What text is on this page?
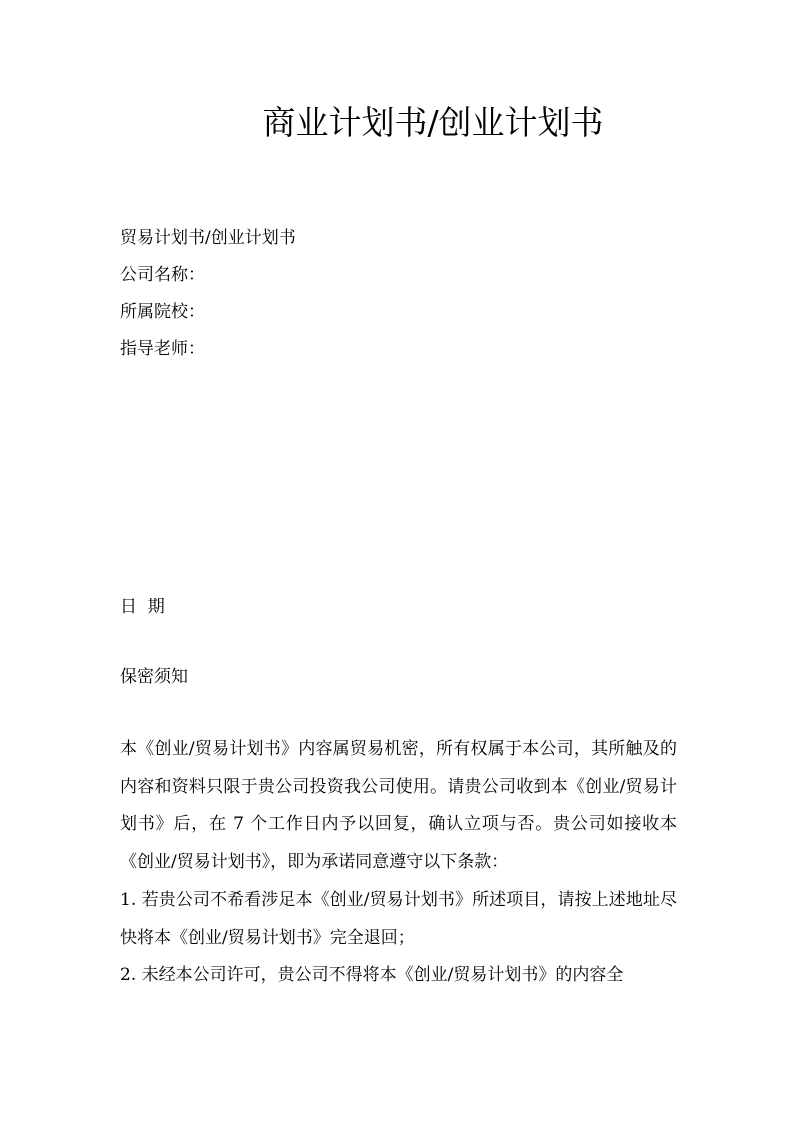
商业计划书/创业计划书
贸易计划书/创业计划书
公司名称：
所属院校：
指导老师：
日  期
保密须知

本《创业/贸易计划书》内容属贸易机密，所有权属于本公司，其所触及的内容和资料只限于贵公司投资我公司使用。请贵公司收到本《创业/贸易计划书》后，在 7 个工作日内予以回复，确认立项与否。贵公司如接收本《创业/贸易计划书》，即为承诺同意遵守以下条款：

1. 若贵公司不希看涉足本《创业/贸易计划书》所述项目，请按上述地址尽快将本《创业/贸易计划书》完全退回；

2. 未经本公司许可，贵公司不得将本《创业/贸易计划书》的内容全
